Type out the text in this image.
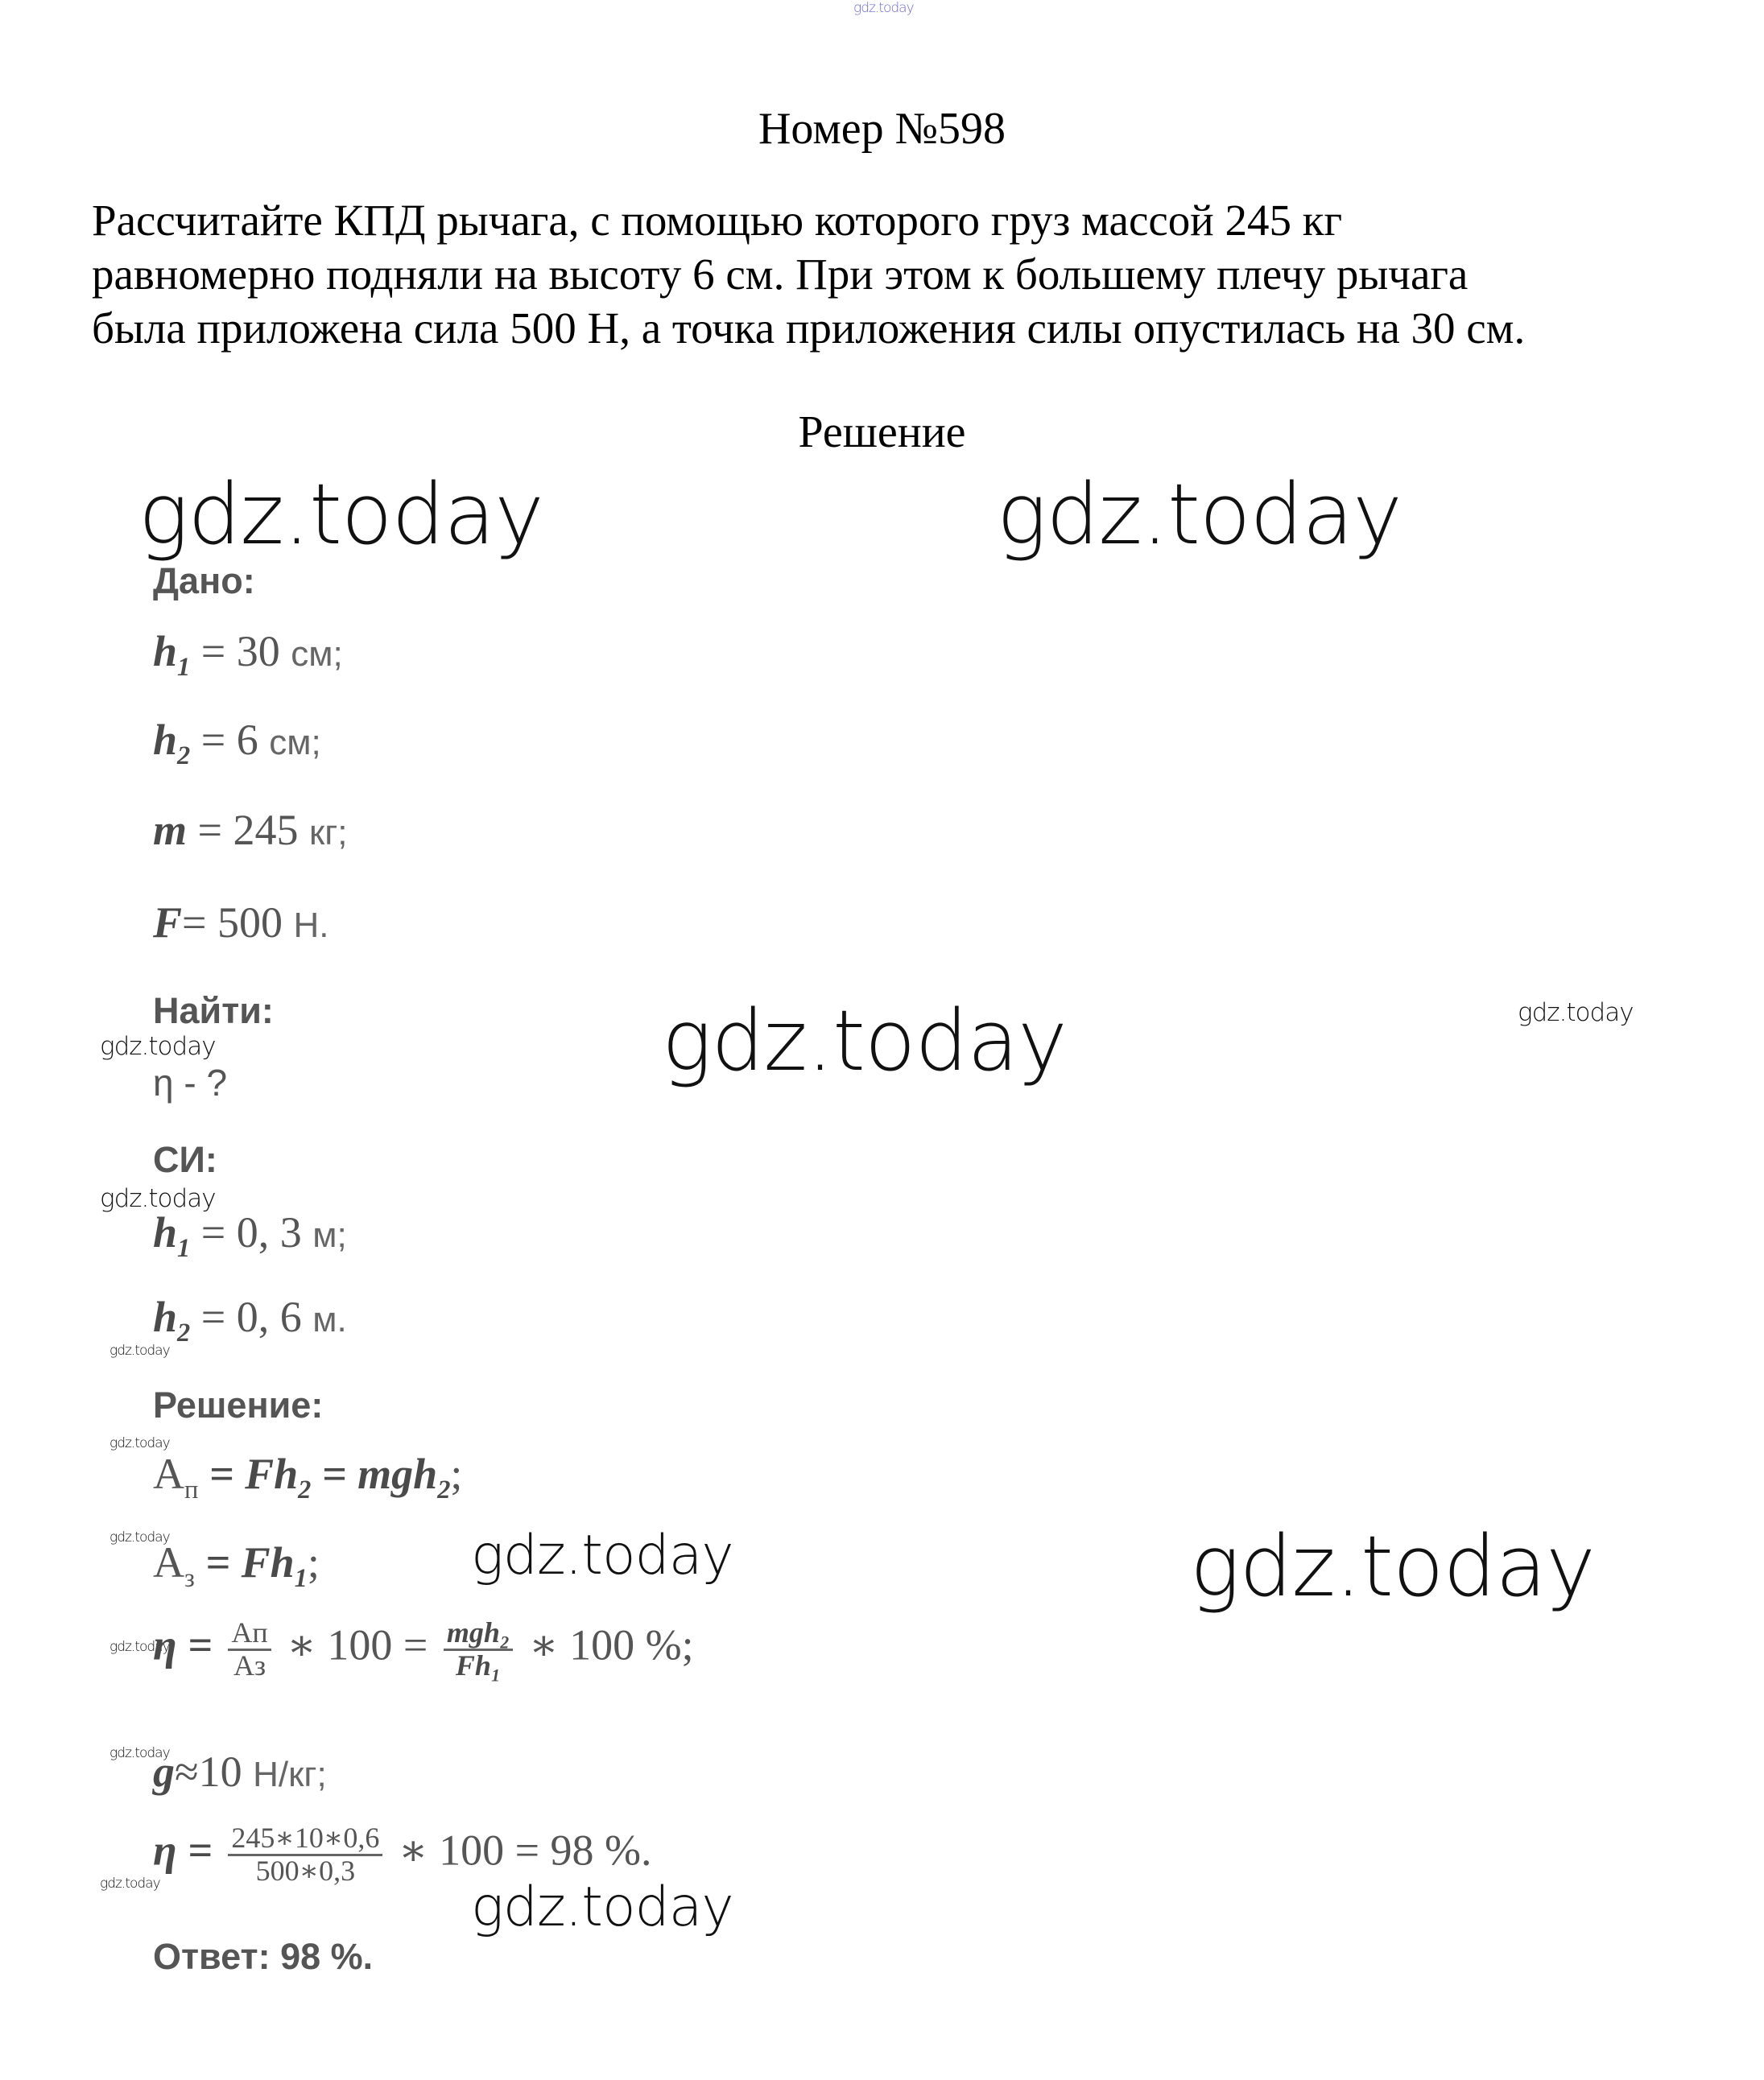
gdz.today
gdz.today	gdz.today
gdz.today
gdz.today
gdz.today
gdz.today
gdz.today
gdz.today
gdz.today
gdz.today
gdz.today
gdz.today
gdz.today
gdz.today
gdz.today
Номер №598
Рассчитайте КПД рычага, с помощью которого груз массой 245 кг
равномерно подняли на высоту 6 см. При этом к большему плечу рычага
была приложена сила 500 Н, а точка приложения силы опустилась на 30 см.
Решение
Дано:
$h_1 = 30$ см;
$h_2 = 6$ см;
m = 245 кг;
F= 500 Н.
Найти:
η - ?
СИ:
$h_1 = 0$, 3 м;
$h_2 = 0$, 6 м.
Решение:
$A_п = Fh_2 = mgh_2$;
$A_з = Fh_1$;
$\eta = \frac{Aп}{Aз}$ ∗ $100 = \frac{\text{mgh₂}}{\text{Fh₁}}$ ∗ 100 %;
g≈10 Н/кг;
$\eta = \frac{245∗10∗0,6}{500∗0,3}$ ∗ 100 = 98 %.
Ответ: 98 %.
